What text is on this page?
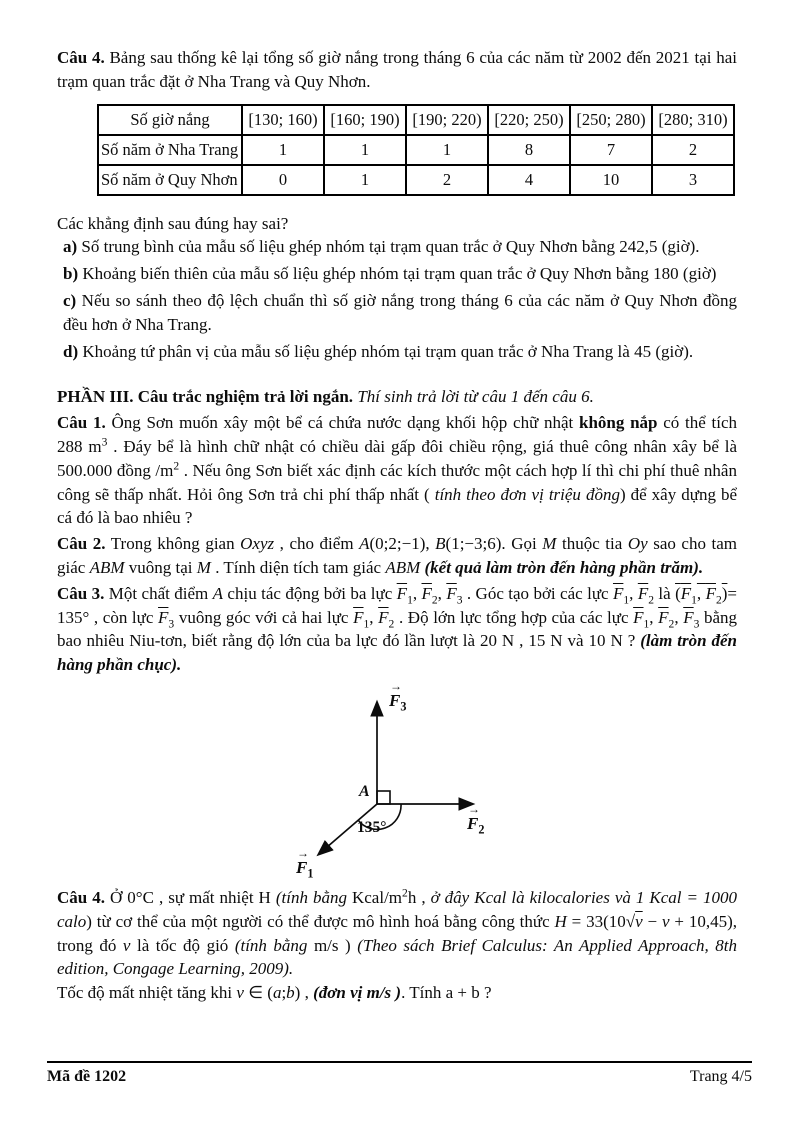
Câu 4. Bảng sau thống kê lại tổng số giờ nắng trong tháng 6 của các năm từ 2002 đến 2021 tại hai trạm quan trắc đặt ở Nha Trang và Quy Nhơn.

Số giờ nắng	[130; 160)	[160; 190)	[190; 220)	[220; 250)	[250; 280)	[280; 310)
Số năm ở Nha Trang	1	1	1	8	7	2
Số năm ở Quy Nhơn	0	1	2	4	10	3

Các khẳng định sau đúng hay sai?

a) Số trung bình của mẫu số liệu ghép nhóm tại trạm quan trắc ở Quy Nhơn bằng 242,5 (giờ).

b) Khoảng biến thiên của mẫu số liệu ghép nhóm tại trạm quan trắc ở Quy Nhơn bằng 180 (giờ)

c) Nếu so sánh theo độ lệch chuẩn thì số giờ nắng trong tháng 6 của các năm ở Quy Nhơn đồng đều hơn ở Nha Trang.

d) Khoảng tứ phân vị của mẫu số liệu ghép nhóm tại trạm quan trắc ở Nha Trang là 45 (giờ).

PHẦN III. Câu trắc nghiệm trả lời ngắn. Thí sinh trả lời từ câu 1 đến câu 6.

Câu 1. Ông Sơn muốn xây một bể cá chứa nước dạng khối hộp chữ nhật không nắp có thể tích 288 $m^3$ . Đáy bể là hình chữ nhật có chiều dài gấp đôi chiều rộng, giá thuê công nhân xây bể là 500.000 đồng $/m^2$ . Nếu ông Sơn biết xác định các kích thước một cách hợp lí thì chi phí thuê nhân công sẽ thấp nhất. Hỏi ông Sơn trả chi phí thấp nhất ( tính theo đơn vị triệu đồng) để xây dựng bể cá đó là bao nhiêu ?

Câu 2. Trong không gian Oxyz , cho điểm A(0;2;−1), B(1;−3;6). Gọi M thuộc tia Oy sao cho tam giác ABM vuông tại M . Tính diện tích tam giác ABM (kết quả làm tròn đến hàng phần trăm).

Câu 3. Một chất điểm A chịu tác động bởi ba lực $\overline{F}_1$, $\overline{F}_2$, $\overline{F}_3$ . Góc tạo bởi các lực $\overline{F}_1$, $\overline{F}_2$ là ($\overline{F}_1$, $\overline{F}_2)= 135^\circ$ , còn lực $\overline{F}_3$ vuông góc với cả hai lực $\overline{F}_1$, $\overline{F}_2$ . Độ lớn lực tổng hợp của các lực $\overline{F}_1$, $\overline{F}_2$, $\overline{F}_3$ bằng bao nhiêu Niu-tơn, biết rằng độ lớn của ba lực đó lần lượt là 20 N , 15 N và 10 N ? (làm tròn đến hàng phần chục).

→
$F_3$
→
$F_2$
→
$F_1$
A
135°

Câu 4. Ở 0°C , sự mất nhiệt H (tính bằng Kcal/$m^2h$ , ở đây Kcal là kilocalories và 1 Kcal = 1000 calo) từ cơ thể của một người có thể được mô hình hoá bằng công thức H = 33(10√v − v + 10,45), trong đó v là tốc độ gió (tính bằng m/s ) (Theo sách Brief Calculus: An Applied Approach, 8th edition, Congage Learning, 2009).

Tốc độ mất nhiệt tăng khi v ∈ (a;b) , (đơn vị m/s ). Tính a + b ?

Mã đề 1202	Trang 4/5
